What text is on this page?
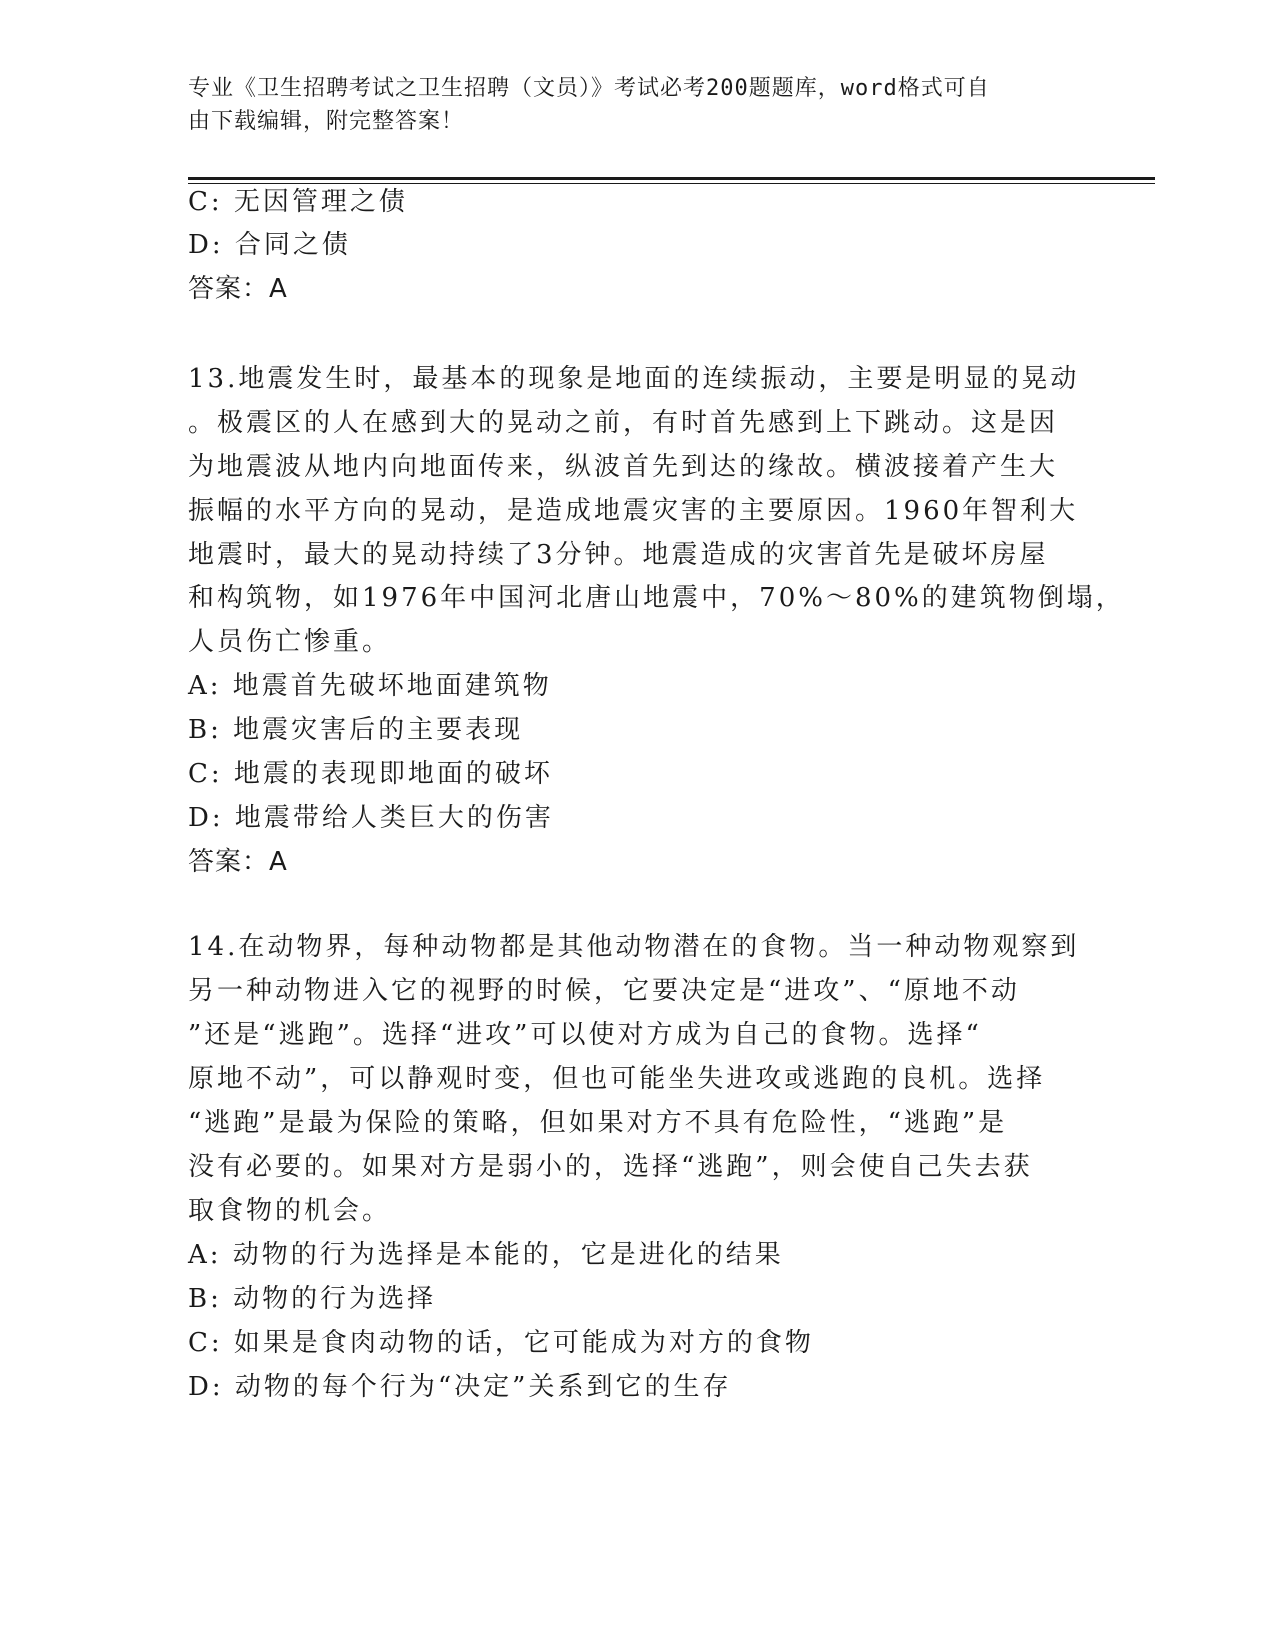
专业《卫生招聘考试之卫生招聘（文员）》考试必考200题题库，word格式可自
由下载编辑，附完整答案！
C: 无因管理之债
D: 合同之债
答案：A
13.地震发生时，最基本的现象是地面的连续振动，主要是明显的晃动
。极震区的人在感到大的晃动之前，有时首先感到上下跳动。这是因
为地震波从地内向地面传来，纵波首先到达的缘故。横波接着产生大
振幅的水平方向的晃动，是造成地震灾害的主要原因。1960年智利大
地震时，最大的晃动持续了3分钟。地震造成的灾害首先是破坏房屋
和构筑物，如1976年中国河北唐山地震中，70%～80%的建筑物倒塌，
人员伤亡惨重。
A: 地震首先破坏地面建筑物
B: 地震灾害后的主要表现
C: 地震的表现即地面的破坏
D: 地震带给人类巨大的伤害
答案：A
14.在动物界，每种动物都是其他动物潜在的食物。当一种动物观察到
另一种动物进入它的视野的时候，它要决定是“进攻”、“原地不动
”还是“逃跑”。选择“进攻”可以使对方成为自己的食物。选择“
原地不动”，可以静观时变，但也可能坐失进攻或逃跑的良机。选择
“逃跑”是最为保险的策略，但如果对方不具有危险性，“逃跑”是
没有必要的。如果对方是弱小的，选择“逃跑”，则会使自己失去获
取食物的机会。
A: 动物的行为选择是本能的，它是进化的结果
B: 动物的行为选择
C: 如果是食肉动物的话，它可能成为对方的食物
D: 动物的每个行为“决定”关系到它的生存
